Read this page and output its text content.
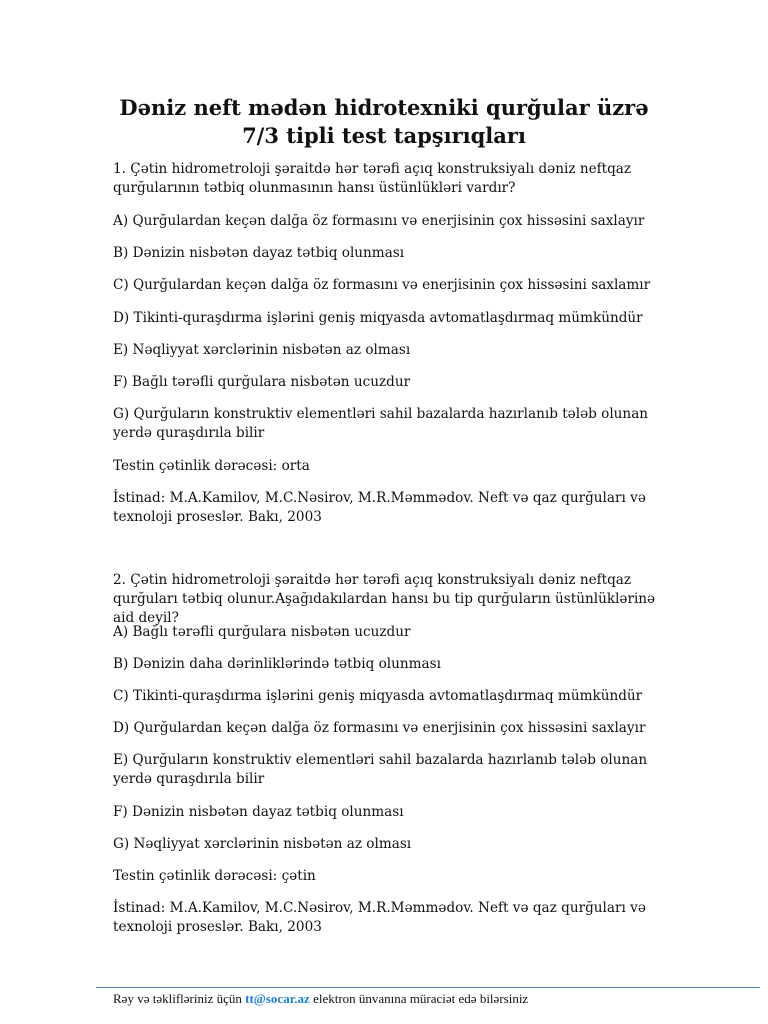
Dəniz neft mədən hidrotexniki qurğular üzrə 7/3 tipli test tapşırıqları

1. Çətin hidrometroloji şəraitdə hər tərəfi açıq konstruksiyalı dəniz neftqaz qurğularının tətbiq olunmasının hansı üstünlükləri vardır?

A) Qurğulardan keçən dalğa öz formasını və enerjisinin çox hissəsini saxlayır

B) Dənizin nisbətən dayaz tətbiq olunması

C) Qurğulardan keçən dalğa öz formasını və enerjisinin çox hissəsini saxlamır

D) Tikinti-quraşdırma işlərini geniş miqyasda avtomatlaşdırmaq mümkündür

E) Nəqliyyat xərclərinin nisbətən az olması

F) Bağlı tərəfli qurğulara nisbətən ucuzdur

G) Qurğuların konstruktiv elementləri sahil bazalarda hazırlanıb tələb olunan yerdə quraşdırıla bilir

Testin çətinlik dərəcəsi: orta

İstinad: M.A.Kamilov, M.C.Nəsirov, M.R.Məmmədov. Neft və qaz qurğuları və texnoloji proseslər. Bakı, 2003

2. Çətin hidrometroloji şəraitdə hər tərəfi açıq konstruksiyalı dəniz neftqaz qurğuları tətbiq olunur.Aşağıdakılardan hansı bu tip qurğuların üstünlüklərinə aid deyil?

A) Bağlı tərəfli qurğulara nisbətən ucuzdur

B) Dənizin daha dərinliklərində tətbiq olunması

C) Tikinti-quraşdırma işlərini geniş miqyasda avtomatlaşdırmaq mümkündür

D) Qurğulardan keçən dalğa öz formasını və enerjisinin çox hissəsini saxlayır

E) Qurğuların konstruktiv elementləri sahil bazalarda hazırlanıb tələb olunan yerdə quraşdırıla bilir

F) Dənizin nisbətən dayaz tətbiq olunması

G) Nəqliyyat xərclərinin nisbətən az olması

Testin çətinlik dərəcəsi: çətin

İstinad: M.A.Kamilov, M.C.Nəsirov, M.R.Məmmədov. Neft və qaz qurğuları və texnoloji proseslər. Bakı, 2003

Rəy və təklifləriniz üçün tt@socar.az elektron ünvanına müraciət edə bilərsiniz
